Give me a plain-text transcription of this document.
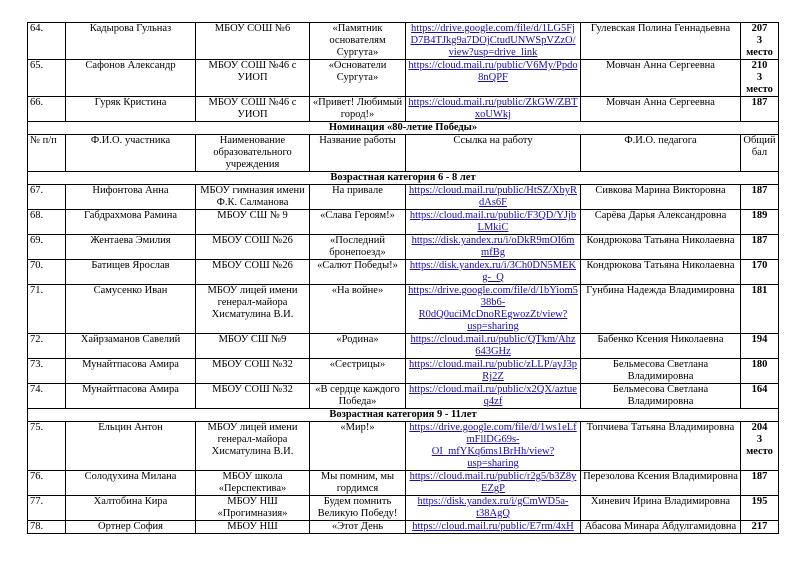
64.	Кадырова Гульназ	МБОУ СОШ №6	«Памятник основателям Сургута»	https://drive.google.com/file/d/1LG5FjD7B4TJkg9a7DOjCtudUNWSpVZzO/view?usp=drive_link	Гулевская Полина Геннадьевна	207
3 место

65.	Сафонов Александр	МБОУ СОШ №46 с УИОП	«Основатели Сургута»	https://cloud.mail.ru/public/V6My/Ppdo8nQPF	Мовчан Анна Сергеевна	210
3 место

66.	Гуряк Кристина	МБОУ СОШ №46 с УИОП	«Привет! Любимый город!»	https://cloud.mail.ru/public/ZkGW/ZBTxoUWkj	Мовчан Анна Сергеевна	187

Номинация «80-летие Победы»						
№ п/п	Ф.И.О. участника	Наименование образовательного учреждения	Название работы	Ссылка на работу	Ф.И.О. педагога	Общий бал
Возрастная категория 6 - 8 лет						
67.	Нифонтова Анна	МБОУ гимназия имени Ф.К. Салманова	На привале	https://cloud.mail.ru/public/HtSZ/XbyRdAs6F	Сивкова Марина Викторовна	187

68.	Габдрахмова Рамина	МБОУ СШ № 9	«Слава Героям!»	https://cloud.mail.ru/public/F3QD/YJjbLMkiC	Сарёва Дарья Александровна	189

69.	Жентаева Эмилия	МБОУ СОШ №26	«Последний бронепоезд»	https://disk.yandex.ru/i/oDkR9mOI6mmfBg	Кондрюкова Татьяна Николаевна	187

70.	Батищев Ярослав	МБОУ СОШ №26	«Салют Победы!»	https://disk.yandex.ru/i/3Ch0DN5MEKg-_Q	Кондрюкова Татьяна Николаевна	170

71.	Самусенко Иван	МБОУ лицей имени генерал-майора Хисматулина В.И.	«На войне»	https://drive.google.com/file/d/1bYiom538b6-R0dQ0uciMcDnoREgwozZt/view?usp=sharing	Гунбина Надежда Владимировна	181

72.	Хайрзаманов Савелий	МБОУ СШ №9	«Родина»	https://cloud.mail.ru/public/QTkm/Ahz643GHz	Бабенко Ксения Николаевна	194

73.	Мунайтпасова Амира	МБОУ СОШ №32	«Сестрицы»	https://cloud.mail.ru/public/zLLP/ayJ3pRj2Z	Бельмесова Светлана Владимировна	180

74.	Мунайтпасова Амира	МБОУ СОШ №32	«В сердце каждого Победа»	https://cloud.mail.ru/public/x2QX/aztueq4zf	Бельмесова Светлана Владимировна	164

Возрастная категория 9 - 11лет						
75.	Ельцин Антон	МБОУ лицей имени генерал-майора Хисматулина В.И.	«Мир!»	https://drive.google.com/file/d/1ws1eLfmFllDG69s-OI_mfYKq6ms1BrHh/view?usp=sharing	Топчиева Татьяна Владимировна	204
3 место

76.	Солодухина Милана	МБОУ школа «Перспектива»	Мы помним, мы гордимся	https://cloud.mail.ru/public/r2g5/b3Z8yEZgP	Перезолова Ксения Владимировна	187

77.	Халтобина Кира	МБОУ НШ «Прогимназия»	Будем помнить Великую Победу!	https://disk.yandex.ru/i/gCmWD5a-t38AgQ	Хиневич Ирина Владимировна	195

78.	Ортнер София	МБОУ НШ	«Этот День	https://cloud.mail.ru/public/E7rm/4xH	Абасова Минара Абдулгамидовна	217
